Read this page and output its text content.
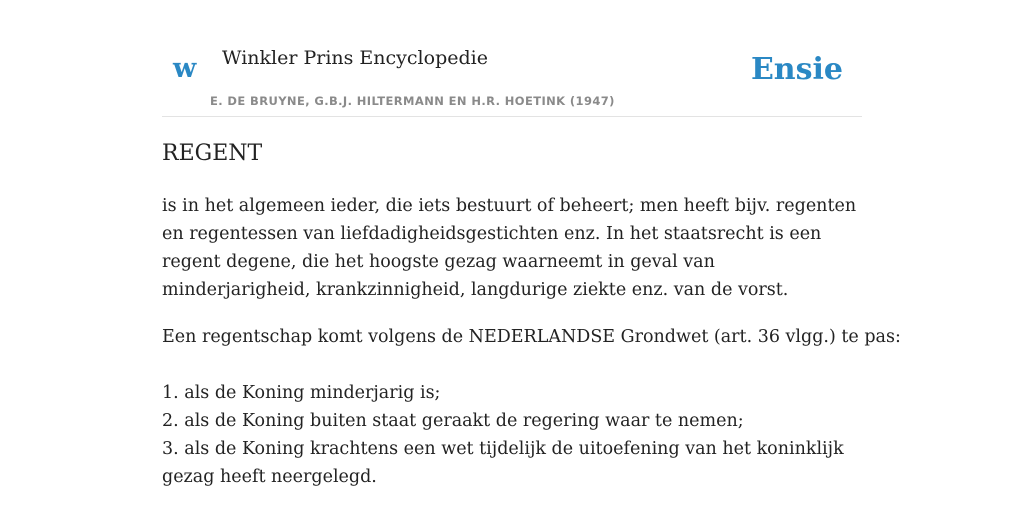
w Winkler Prins Encyclopedie
E. DE BRUYNE, G.B.J. HILTERMANN EN H.R. HOETINK (1947)
Ensie
REGENT

is in het algemeen ieder, die iets bestuurt of beheert; men heeft bijv. regenten en regentessen van liefdadigheidsgestichten enz. In het staatsrecht is een regent degene, die het hoogste gezag waarneemt in geval van minderjarigheid, krankzinnigheid, langdurige ziekte enz. van de vorst.

Een regentschap komt volgens de NEDERLANDSE Grondwet (art. 36 vlgg.) te pas:

1. als de Koning minderjarig is;
2. als de Koning buiten staat geraakt de regering waar te nemen;
3. als de Koning krachtens een wet tijdelijk de uitoefening van het koninklijk gezag heeft neergelegd.
